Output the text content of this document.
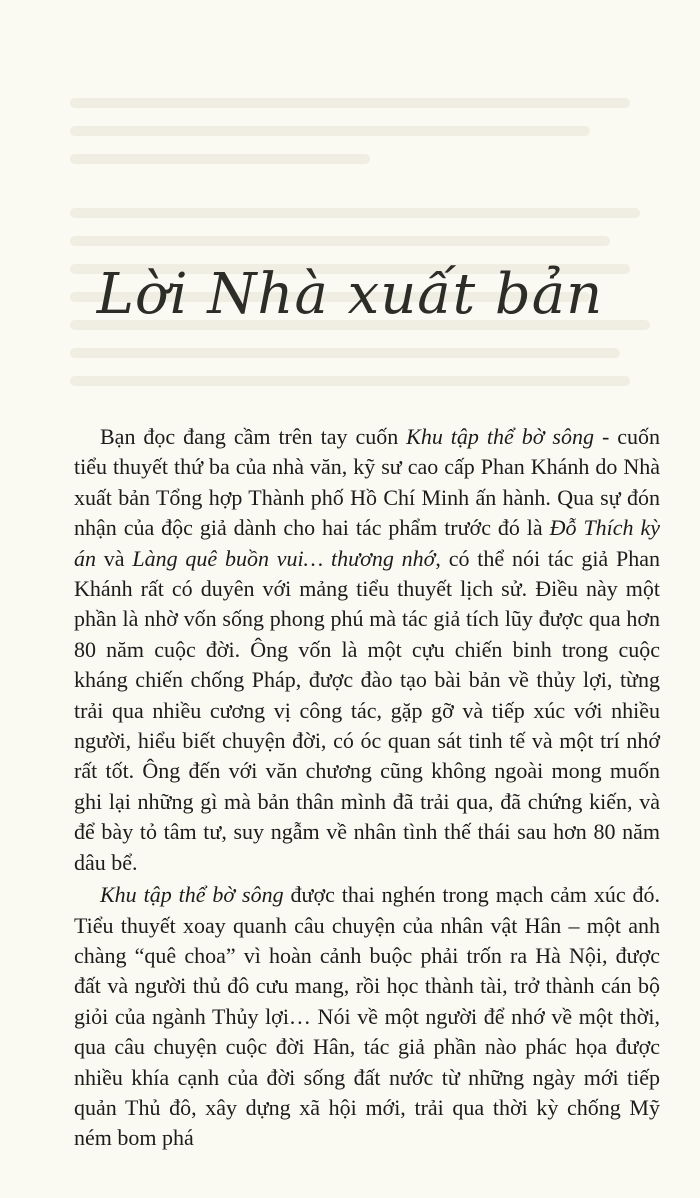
Lời Nhà xuất bản

Bạn đọc đang cầm trên tay cuốn Khu tập thể bờ sông - cuốn tiểu thuyết thứ ba của nhà văn, kỹ sư cao cấp Phan Khánh do Nhà xuất bản Tổng hợp Thành phố Hồ Chí Minh ấn hành. Qua sự đón nhận của độc giả dành cho hai tác phẩm trước đó là Đỗ Thích kỳ án và Làng quê buồn vui… thương nhớ, có thể nói tác giả Phan Khánh rất có duyên với mảng tiểu thuyết lịch sử. Điều này một phần là nhờ vốn sống phong phú mà tác giả tích lũy được qua hơn 80 năm cuộc đời. Ông vốn là một cựu chiến binh trong cuộc kháng chiến chống Pháp, được đào tạo bài bản về thủy lợi, từng trải qua nhiều cương vị công tác, gặp gỡ và tiếp xúc với nhiều người, hiểu biết chuyện đời, có óc quan sát tinh tế và một trí nhớ rất tốt. Ông đến với văn chương cũng không ngoài mong muốn ghi lại những gì mà bản thân mình đã trải qua, đã chứng kiến, và để bày tỏ tâm tư, suy ngẫm về nhân tình thế thái sau hơn 80 năm dâu bể.

Khu tập thể bờ sông được thai nghén trong mạch cảm xúc đó. Tiểu thuyết xoay quanh câu chuyện của nhân vật Hân – một anh chàng “quê choa” vì hoàn cảnh buộc phải trốn ra Hà Nội, được đất và người thủ đô cưu mang, rồi học thành tài, trở thành cán bộ giỏi của ngành Thủy lợi… Nói về một người để nhớ về một thời, qua câu chuyện cuộc đời Hân, tác giả phần nào phác họa được nhiều khía cạnh của đời sống đất nước từ những ngày mới tiếp quản Thủ đô, xây dựng xã hội mới, trải qua thời kỳ chống Mỹ ném bom phá
